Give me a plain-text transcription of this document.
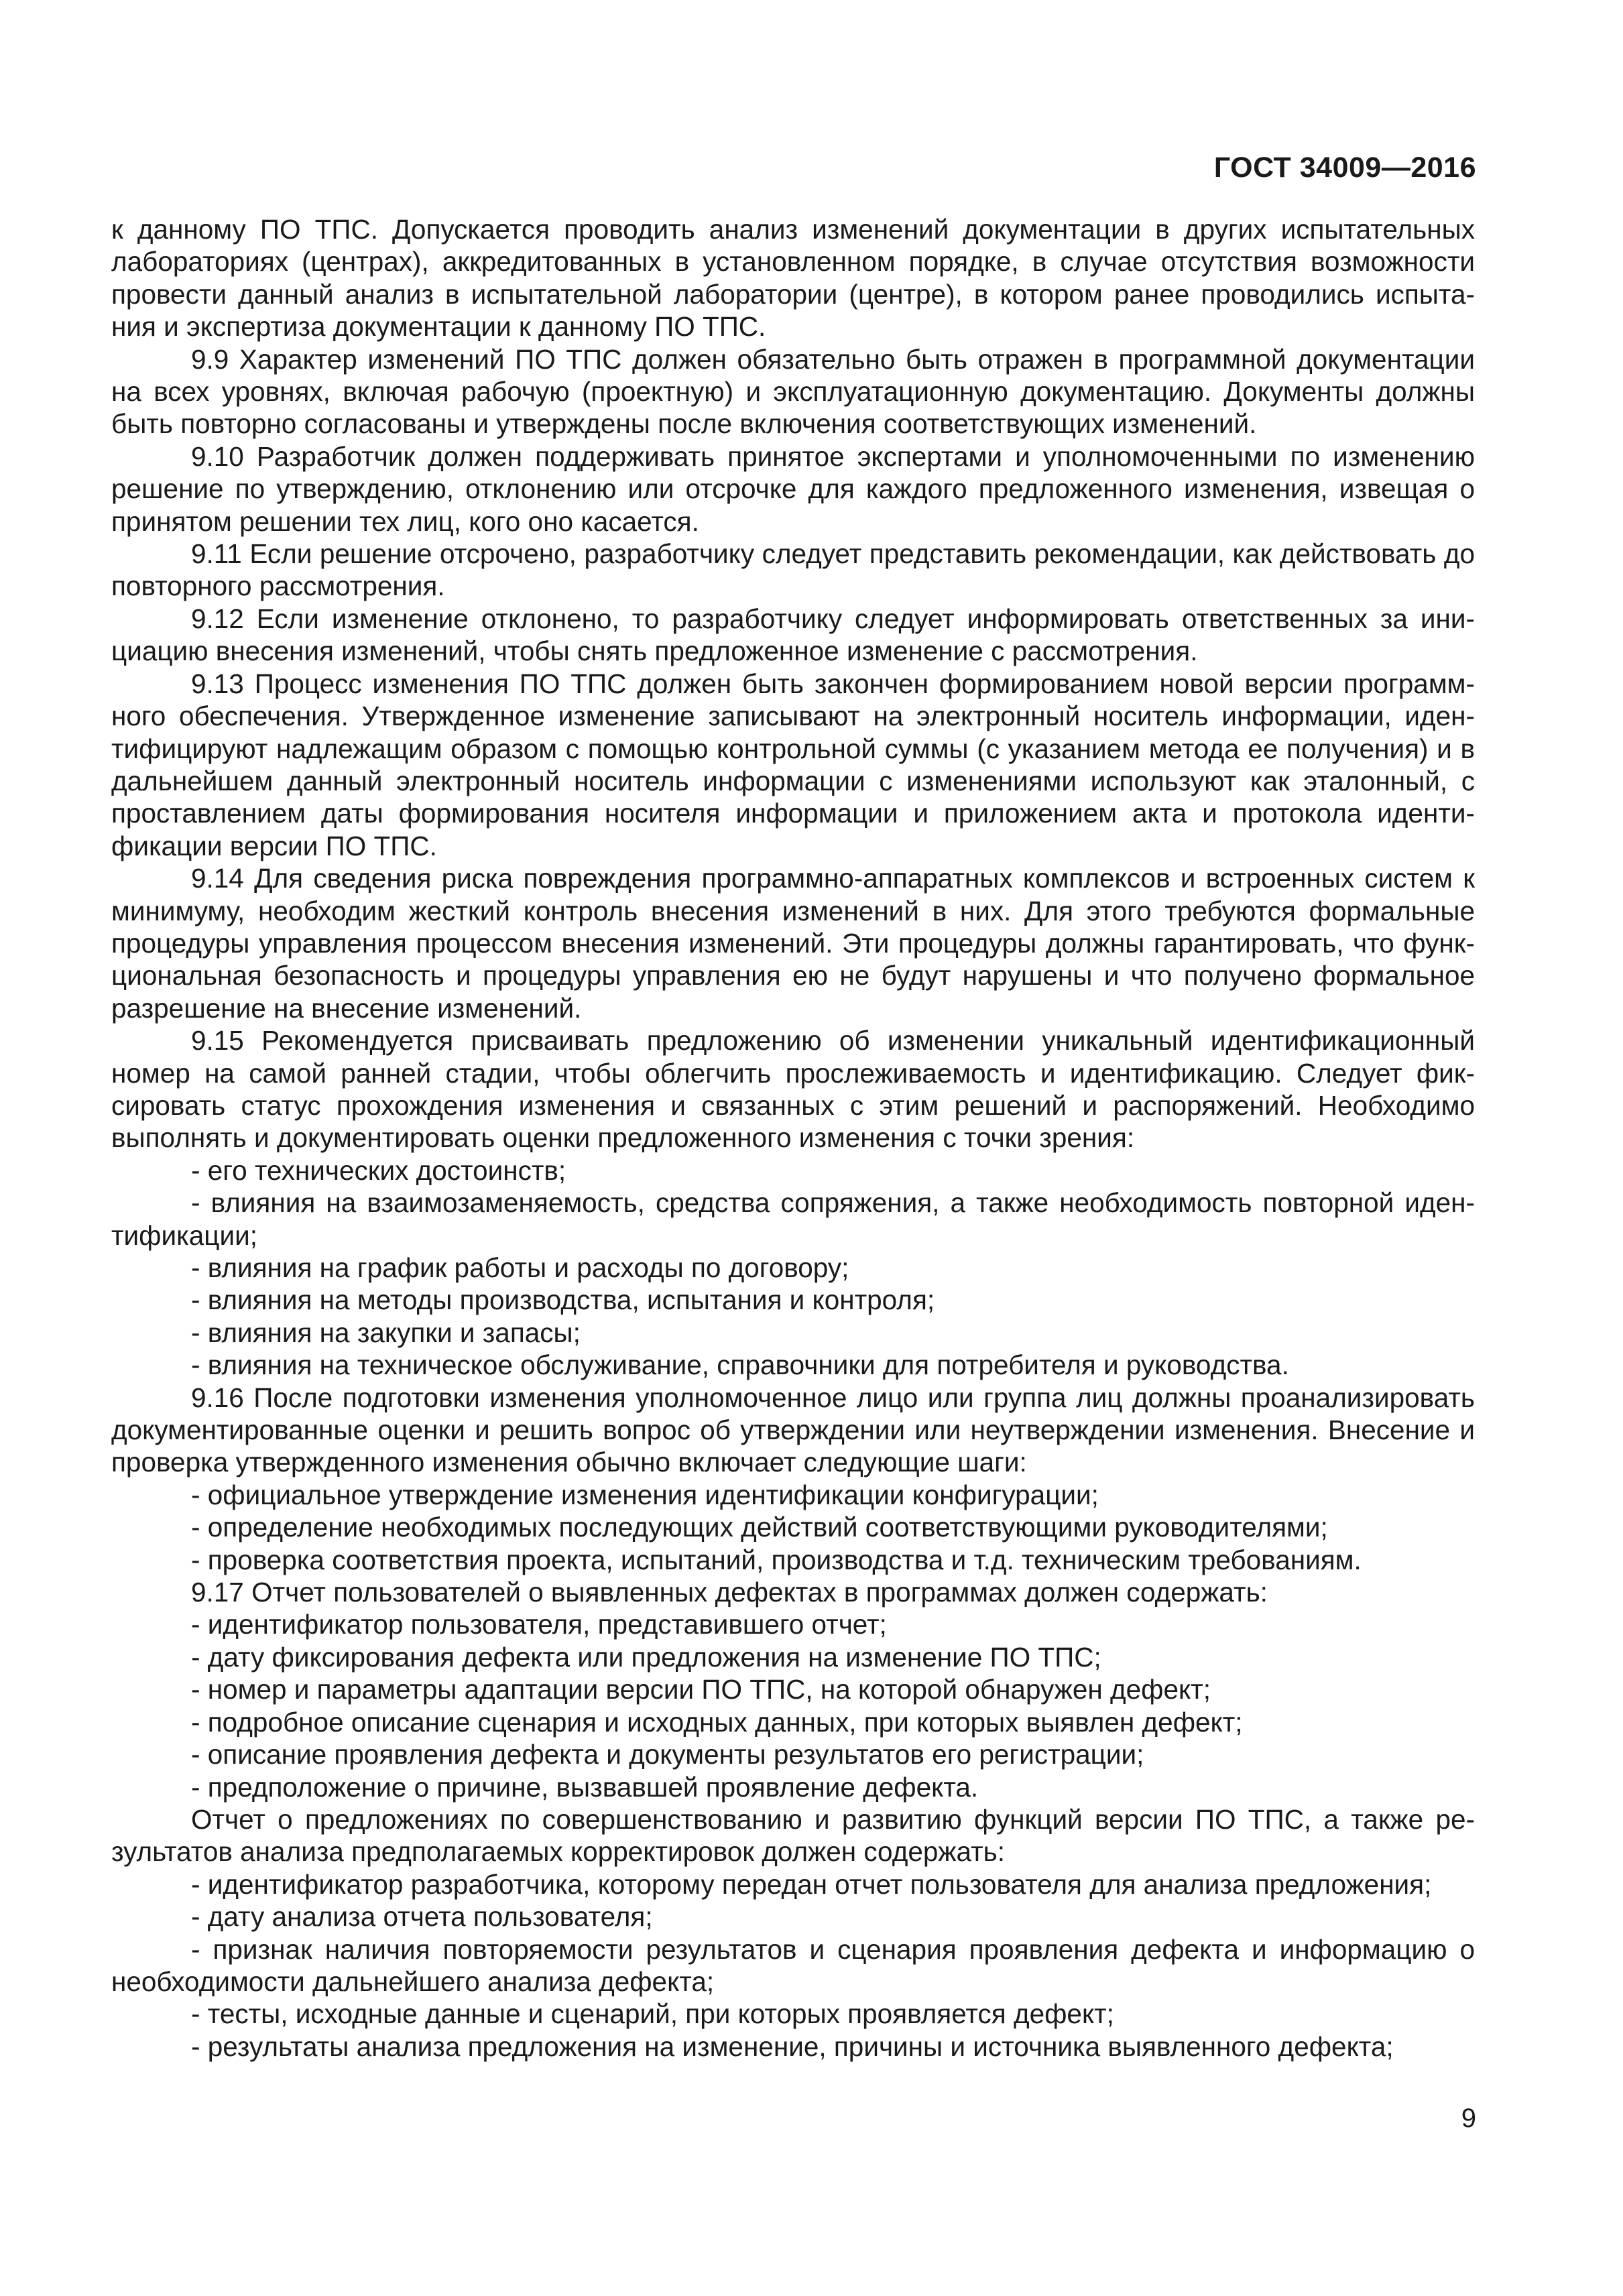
ГОСТ 34009—2016

к данному ПО ТПС. Допускается проводить анализ изменений документации в других испытательных лабораториях (центрах), аккредитованных в установленном порядке, в случае отсутствия возможности провести данный анализ в испытательной лаборатории (центре), в котором ранее проводились испыта-ния и экспертиза документации к данному ПО ТПС.

9.9 Характер изменений ПО ТПС должен обязательно быть отражен в программной документации на всех уровнях, включая рабочую (проектную) и эксплуатационную документацию. Документы должны быть повторно согласованы и утверждены после включения соответствующих изменений.

9.10 Разработчик должен поддерживать принятое экспертами и уполномоченными по изменению решение по утверждению, отклонению или отсрочке для каждого предложенного изменения, извещая о принятом решении тех лиц, кого оно касается.

9.11 Если решение отсрочено, разработчику следует представить рекомендации, как действовать до повторного рассмотрения.

9.12 Если изменение отклонено, то разработчику следует информировать ответственных за ини-циацию внесения изменений, чтобы снять предложенное изменение с рассмотрения.

9.13 Процесс изменения ПО ТПС должен быть закончен формированием новой версии программ-ного обеспечения. Утвержденное изменение записывают на электронный носитель информации, иден-тифицируют надлежащим образом с помощью контрольной суммы (с указанием метода ее получения) и в дальнейшем данный электронный носитель информации с изменениями используют как эталонный, с проставлением даты формирования носителя информации и приложением акта и протокола иденти-фикации версии ПО ТПС.

9.14 Для сведения риска повреждения программно-аппаратных комплексов и встроенных систем к минимуму, необходим жесткий контроль внесения изменений в них. Для этого требуются формальные процедуры управления процессом внесения изменений. Эти процедуры должны гарантировать, что функ-циональная безопасность и процедуры управления ею не будут нарушены и что получено формальное разрешение на внесение изменений.

9.15 Рекомендуется присваивать предложению об изменении уникальный идентификационный номер на самой ранней стадии, чтобы облегчить прослеживаемость и идентификацию. Следует фик-сировать статус прохождения изменения и связанных с этим решений и распоряжений. Необходимо выполнять и документировать оценки предложенного изменения с точки зрения:

- его технических достоинств;

- влияния на взаимозаменяемость, средства сопряжения, а также необходимость повторной иден-тификации;

- влияния на график работы и расходы по договору;

- влияния на методы производства, испытания и контроля;

- влияния на закупки и запасы;

- влияния на техническое обслуживание, справочники для потребителя и руководства.

9.16 После подготовки изменения уполномоченное лицо или группа лиц должны проанализировать документированные оценки и решить вопрос об утверждении или неутверждении изменения. Внесение и проверка утвержденного изменения обычно включает следующие шаги:

- официальное утверждение изменения идентификации конфигурации;

- определение необходимых последующих действий соответствующими руководителями;

- проверка соответствия проекта, испытаний, производства и т.д. техническим требованиям.

9.17 Отчет пользователей о выявленных дефектах в программах должен содержать:

- идентификатор пользователя, представившего отчет;

- дату фиксирования дефекта или предложения на изменение ПО ТПС;

- номер и параметры адаптации версии ПО ТПС, на которой обнаружен дефект;

- подробное описание сценария и исходных данных, при которых выявлен дефект;

- описание проявления дефекта и документы результатов его регистрации;

- предположение о причине, вызвавшей проявление дефекта.

Отчет о предложениях по совершенствованию и развитию функций версии ПО ТПС, а также ре-зультатов анализа предполагаемых корректировок должен содержать:

- идентификатор разработчика, которому передан отчет пользователя для анализа предложения;

- дату анализа отчета пользователя;

- признак наличия повторяемости результатов и сценария проявления дефекта и информацию о необходимости дальнейшего анализа дефекта;

- тесты, исходные данные и сценарий, при которых проявляется дефект;

- результаты анализа предложения на изменение, причины и источника выявленного дефекта;

9
